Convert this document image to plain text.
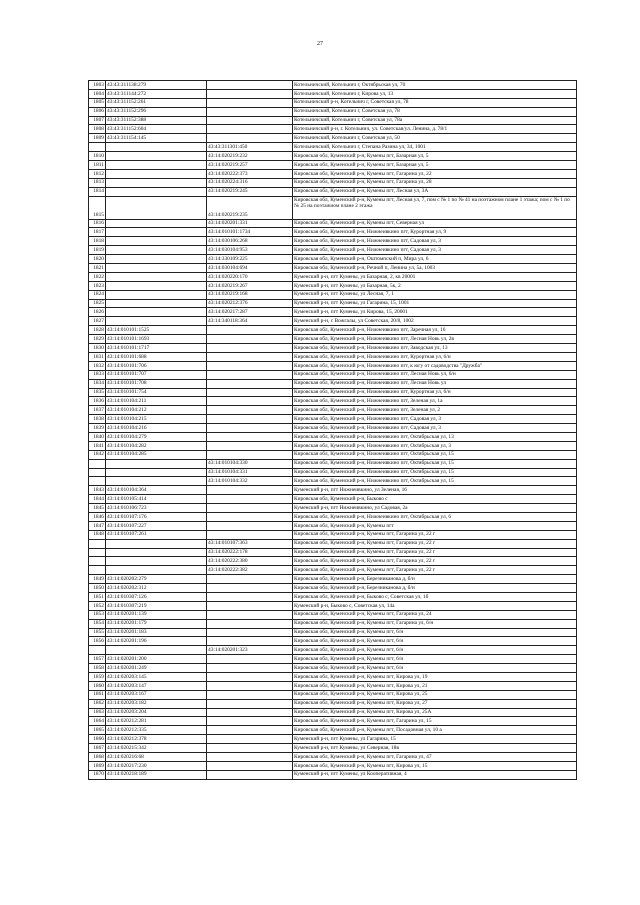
27
1803	43:43:311138:279		Котельничский, Котельнич г, Октябрьская ул, 70
1804	43:43:311144:272		Котельничский, Котельнич г, Кирова ул, 13
1805	43:43:311152:261		Котельничский р-н, Котельнич г, Советская ул, 78
1806	43:43:311152:296		Котельничский, Котельнич г, Советская ул, 78
1807	43:43:311152:388		Котельничский, Котельнич г, Советская ул, 78а
1808	43:43:311152:604		Котельничский р-н, г. Котельнич, ул. Советская/ул. Ленина, д. 78/1
1809	43:43:311154:145		Котельничский, Котельнич г, Советская ул, 50
		43:43:311301:450	Котельничский, Котельнич г, Степана Разина ул, 34, 1001
1810		43:14:020219:232	Кировская обл, Куменский р-н, Кумены пгт, Базарная ул, 5
1811		43:14:020219:257	Кировская обл, Куменский р-н, Кумены пгт, Базарная ул, 5
1812		43:14:020222:373	Кировская обл, Куменский р-н, Кумены пгт, Гагарина ул, 22
1813		43:14:020224:316	Кировская обл, Куменский р-н, Кумены пгт, Гагарина ул, 28
1814		43:14:020219:245	Кировская обл, Куменский р-н, Кумены пгт, Лесная ул, 3А
1815		43:14:020219:235	Кировская обл, Куменский р-н, Кумены пгт, Лесная ул, 7, пом с № 1 по № 41 на поэтажном плане 1 этажа; пом с № 1 по № 25 на поэтажном плане 2 этажа
1816		43:14:020201:331	Кировская обл, Куменский р-н, Кумены пгт, Северная ул
1817		43:14:010101:1734	Кировская обл, Куменский р-н, Нижнеивкино пгт, Курортная ул, 9
1818		43:14:030106:268	Кировская обл, Куменский р-н, Нижнеивкино пгт, Садовая ул, 3
1819		43:14:030104:953	Кировская обл, Куменский р-н, Нижнеивкино пгт, Садовая ул, 3
1820		43:14:330109:225	Кировская обл, Куменский р-н, Оштомпский п, Мира ул, 6
1821		43:14:030104:694	Кировская обл, Куменский р-н, Речной п, Ленина ул, 5а, 1003
1822		43:14:020220:170	Куменский р-н, пгт Кумены, ул Базарная, 2, кв 20001
1823		43:14:020219:267	Куменский р-н, пгт Кумены, ул Базарная, 5к, 2
1824		43:14:020219:168	Куменский р-н, пгт Кумены, ул Лесная, 7, 1
1825		43:14:020212:376	Куменский р-н, пгт Кумены, ул Гагарина, 15, 1001
1826		43:14:020217:287	Куменский р-н, пгт Кумены, ул Кирова, 15, 20001
1827		43:14:340118:364	Куменский р-н, с Вожгалы, ул Советская, 20/8, 1002
1828	43:14:010101:1525		Кировская обл, Куменский р-н, Нижнеивкино пгт, Заречная ул, 16
1829	43:14:010101:1693		Кировская обл, Куменский р-н, Нижнеивкино пгт, Лесная Новь ул, 2в
1830	43:14:010101:1717		Кировская обл, Куменский р-н, Нижнеивкино пгт, Заводская ул, 13
1831	43:14:010101:688		Кировская обл, Куменский р-н, Нижнеивкино пгт, Курортная ул, 6/н
1832	43:14:010101:706		Кировская обл, Куменский р-н, Нижнеивкино пгт, к югу от садоводства "Дружба"
1833	43:14:010101:707		Кировская обл, Куменский р-н, Нижнеивкино пгт, Лесная Новь ул, 6/н
1834	43:14:010101:708		Кировская обл, Куменский р-н, Нижнеивкино пгт, Лесная Новь ул
1835	43:14:010101:754		Кировская обл, Куменский р-н, Нижнеивкино пгт, Курортная ул, 6/н
1836	43:14:010104:211		Кировская обл, Куменский р-н, Нижнеивкино пгт, Зеленая ул, 1а
1837	43:14:010104:212		Кировская обл, Куменский р-н, Нижнеивкино пгт, Зеленая ул, 2
1838	43:14:010104:215		Кировская обл, Куменский р-н, Нижнеивкино пгт, Садовая ул, 3
1839	43:14:010104:216		Кировская обл, Куменский р-н, Нижнеивкино пгт, Садовая ул, 3
1840	43:14:010104:279		Кировская обл, Куменский р-н, Нижнеивкино пгт, Октябрьская ул, 13
1841	43:14:010104:282		Кировская обл, Куменский р-н, Нижнеивкино пгт, Октябрьская ул, 3
1842	43:14:010104:285		Кировская обл, Куменский р-н, Нижнеивкино пгт, Октябрьская ул, 15
		43:14:010104:330	Кировская обл, Куменский р-н, Нижнеивкино пгт, Октябрьская ул, 15
		43:14:010104:331	Кировская обл, Куменский р-н, Нижнеивкино пгт, Октябрьская ул, 15
		43:14:010104:332	Кировская обл, Куменский р-н, Нижнеивкино пгт, Октябрьская ул, 15
1843	43:14:010104:364		Куменский р-н, пгт Нижнеивкино, ул Зеленая, 16
1844	43:14:010105:414		Кировская обл, Куменский р-н, Быково с
1845	43:14:010106:723		Куменский р-н, пгт Нижнеивкино, ул Садовая, 2а
1846	43:14:010107:176		Кировская обл, Куменский р-н, Нижнеивкино пгт, Октябрьская ул, 6
1847	43:14:010107:227		Кировская обл, Куменский р-н, Кумены пгт
1848	43:14:010107:261		Кировская обл, Куменский р-н, Кумены пгт, Гагарина ул, 22 г
		43:14:010107:363	Кировская обл, Куменский р-н, Кумены пгт, Гагарина ул, 22 г
		43:14:020222:178	Кировская обл, Куменский р-н, Кумены пгт, Гагарина ул, 22 г
		43:14:020222:380	Кировская обл, Куменский р-н, Кумены пгт, Гагарина ул, 22 г
		43:14:020222:382	Кировская обл, Куменский р-н, Кумены пгт, Гагарина ул, 22 г
1849	43:14:020202:279		Кировская обл, Куменский р-н, Березниканова д, б/н
1850	43:14:020202:312		Кировская обл, Куменский р-н, Березниканова д, б/н
1851	43:14:010307:126		Кировская обл, Куменский р-н, Быково с, Советская ул, 1б
1852	43:14:010307:219		Куменский р-н, Быково с, Советская ул, 14а
1853	43:14:020201:139		Кировская обл, Куменский р-н, Кумены пгт, Гагарина ул, 24
1854	43:14:020201:179		Кировская обл, Куменский р-н, Кумены пгт, Гагарина ул, 6/н
1855	43:14:020201:183		Кировская обл, Куменский р-н, Кумены пгт, 6/н
1856	43:14:020201:196		Кировская обл, Куменский р-н, Кумены пгт, 6/н
		43:14:020201:323	Кировская обл, Куменский р-н, Кумены пгт, 6/н
1857	43:14:020201:200		Кировская обл, Куменский р-н, Кумены пгт, 6/н
1858	43:14:020201:249		Кировская обл, Куменский р-н, Кумены пгт, 6/н
1859	43:14:020203:145		Кировская обл, Куменский р-н, Кумены пгт, Кирова ул, 19
1860	43:14:020203:147		Кировская обл, Куменский р-н, Кумены пгт, Кирова ул, 21
1861	43:14:020203:167		Кировская обл, Куменский р-н, Кумены пгт, Кирова ул, 25
1862	43:14:020203:182		Кировская обл, Куменский р-н, Кумены пгт, Кирова ул, 27
1863	43:14:020203:204		Кировская обл, Куменский р-н, Кумены пгт, Кирова ул, 25А
1864	43:14:020212:281		Кировская обл, Куменский р-н, Кумены пгт, Гагарина ул, 15
1865	43:14:020212:335		Кировская обл, Куменский р-н, Кумены пгт, Посадовная ул, 10 а
1866	43:14:020212:378		Куменский р-н, пгт Кумены, ул Гагарина, 15
1867	43:14:020215:342		Куменский р-н, пгт Кумены, ул Северная, 18в
1868	43:14:020216:68		Кировская обл, Куменский р-н, Кумены пгт, Гагарина ул, 47
1869	43:14:020217:230		Кировская обл, Куменский р-н, Кумены пгт, Кирова ул, 15
1870	43:14:020218:189		Куменский р-н, пгт Кумены, ул Кооперативная, 4
